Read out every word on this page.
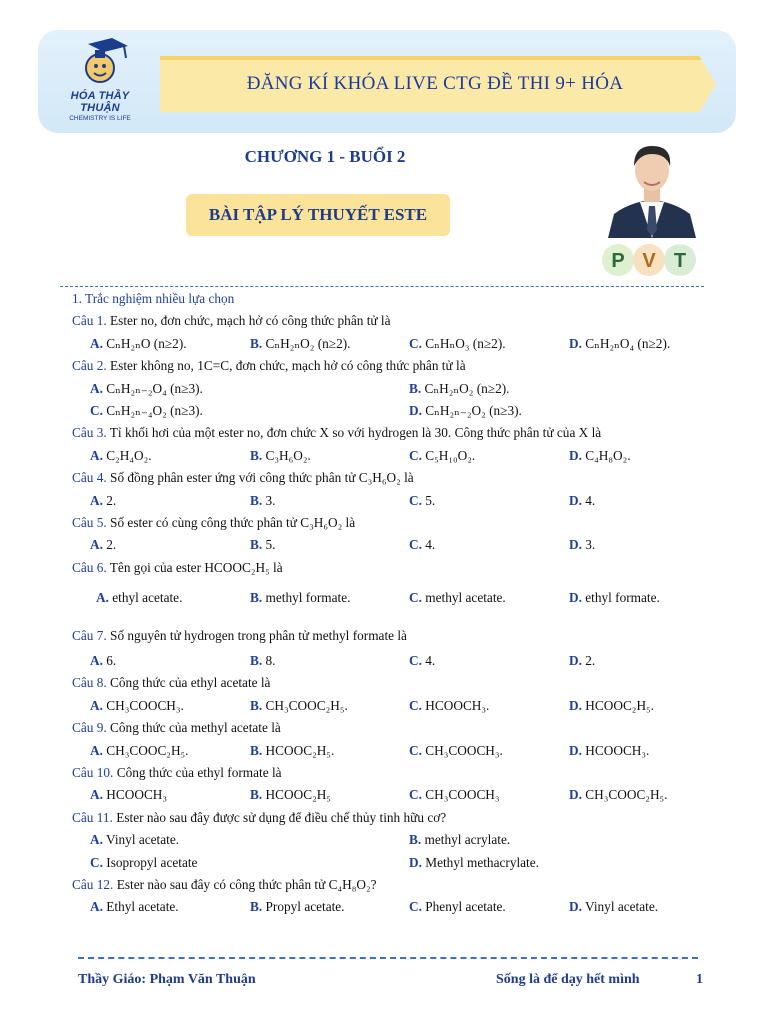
HÓA THẦY THUẬN
CHEMISTRY IS LIFE
ĐĂNG KÍ KHÓA LIVE CTG ĐỀ THI 9+ HÓA
CHƯƠNG 1 - BUỔI 2
BÀI TẬP LÝ THUYẾT ESTE
P V T
1. Trắc nghiệm nhiều lựa chọn
Câu 1. Ester no, đơn chức, mạch hở có công thức phân tử là
A. CₙH₂ₙO (n≥2).	B. CₙH₂ₙO₂ (n≥2).	C. CₙHₙO₃ (n≥2).	D. CₙH₂ₙO₄ (n≥2).
Câu 2. Ester không no, 1C=C, đơn chức, mạch hở có công thức phân tử là
A. CₙH₂ₙ₋₂O₄ (n≥3).	B. CₙH₂ₙO₂ (n≥2).
C. CₙH₂ₙ₋₄O₂ (n≥3).	D. CₙH₂ₙ₋₂O₂ (n≥3).
Câu 3. Tỉ khối hơi của một ester no, đơn chức X so với hydrogen là 30. Công thức phân tử của X là
A. C₂H₄O₂.	B. C₃H₆O₂.	C. C₅H₁₀O₂.	D. C₄H₈O₂.
Câu 4. Số đồng phân ester ứng với công thức phân tử C₃H₆O₂ là
A. 2.	B. 3.	C. 5.	D. 4.
Câu 5. Số ester có cùng công thức phân tử C₃H₆O₂ là
A. 2.	B. 5.	C. 4.	D. 3.
Câu 6. Tên gọi của ester HCOOC₂H₅ là
A. ethyl acetate.	B. methyl formate.	C. methyl acetate.	D. ethyl formate.
Câu 7. Số nguyên tử hydrogen trong phân tử methyl formate là
A. 6.	B. 8.	C. 4.	D. 2.
Câu 8. Công thức của ethyl acetate là
A. CH₃COOCH₃.	B. CH₃COOC₂H₅.	C. HCOOCH₃.	D. HCOOC₂H₅.
Câu 9. Công thức của methyl acetate là
A. CH₃COOC₂H₅.	B. HCOOC₂H₅.	C. CH₃COOCH₃.	D. HCOOCH₃.
Câu 10. Công thức của ethyl formate là
A. HCOOCH₃	B. HCOOC₂H₅	C. CH₃COOCH₃	D. CH₃COOC₂H₅.
Câu 11. Ester nào sau đây được sử dụng để điều chế thủy tinh hữu cơ?
A. Vinyl acetate.	B. methyl acrylate.
C. Isopropyl acetate	D. Methyl methacrylate.
Câu 12. Ester nào sau đây có công thức phân tử C₄H₈O₂?
A. Ethyl acetate.	B. Propyl acetate.	C. Phenyl acetate.	D. Vinyl acetate.
Thầy Giáo: Phạm Văn Thuận	Sống là để dạy hết mình	1
